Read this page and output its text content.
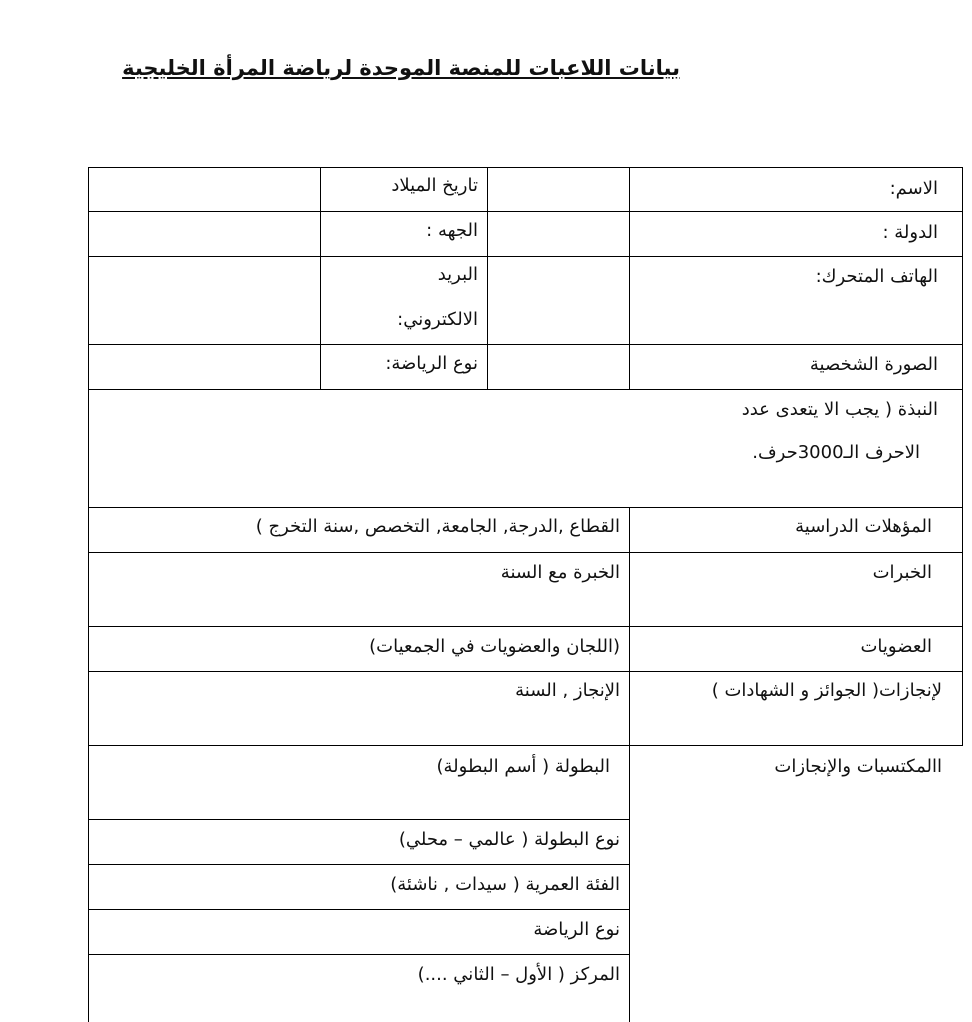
بيانات اللاعبات للمنصة الموحدة لرياضة المرأة الخليجية
الاسم:
تاريخ الميلاد
الدولة :
الجهه :
الهاتف المتحرك:
البريد
الالكتروني:
الصورة الشخصية
نوع الرياضة:
النبذة ( يجب الا يتعدى عدد
الاحرف الـ3000حرف.
المؤهلات الدراسية
القطاع ,الدرجة, الجامعة, التخصص ,سنة التخرج )
الخبرات
الخبرة مع السنة
العضويات
(اللجان والعضويات في الجمعيات)
لإنجازات( الجوائز و الشهادات )
الإنجاز , السنة
االمكتسبات والإنجازات
البطولة ( أسم البطولة)
نوع البطولة ( عالمي – محلي)
الفئة العمرية ( سيدات , ناشئة)
نوع الرياضة
المركز ( الأول – الثاني ....)
